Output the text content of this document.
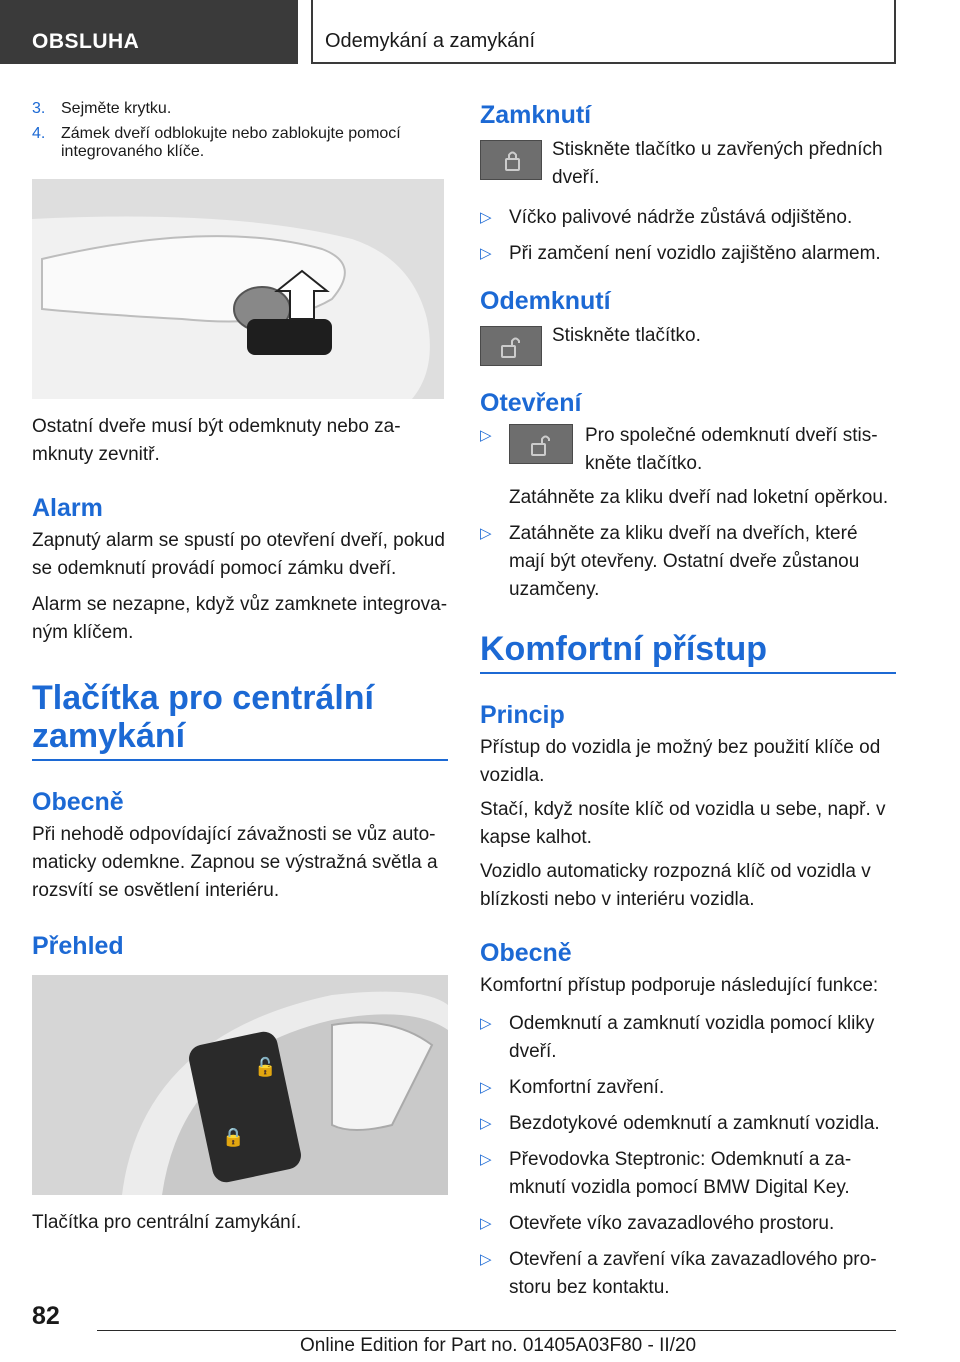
OBSLUHA	Odemykání a zamykání
3. Sejměte krytku.
4. Zámek dveří odblokujte nebo zablokujte pomocí integrovaného klíče.

Ostatní dveře musí být odemknuty nebo zamknuty zevnitř.

Alarm

Zapnutý alarm se spustí po otevření dveří, pokud se odemknutí provádí pomocí zámku dveří.

Alarm se nezapne, když vůz zamknete integrovaným klíčem.

Tlačítka pro centrální zamykání
Obecně

Při nehodě odpovídající závažnosti se vůz automaticky odemkne. Zapnou se výstražná světla a rozsvítí se osvětlení interiéru.

Přehled
🔓
🔒

Tlačítka pro centrální zamykání.

Zamknutí

Stiskněte tlačítko u zavřených předních dveří.

▷ Víčko palivové nádrže zůstává odjištěno.
▷ Při zamčení není vozidlo zajištěno alarmem.
Odemknutí

Stiskněte tlačítko.

Otevření
▷	Pro společné odemknutí dveří stiskněte tlačítko.

Zatáhněte za kliku dveří nad loketní opěrkou.

▷ Zatáhněte za kliku dveří na dveřích, které mají být otevřeny. Ostatní dveře zůstanou uzamčeny.
Komfortní přístup
Princip

Přístup do vozidla je možný bez použití klíče od vozidla.

Stačí, když nosíte klíč od vozidla u sebe, např. v kapse kalhot.

Vozidlo automaticky rozpozná klíč od vozidla v blízkosti nebo v interiéru vozidla.

Obecně

Komfortní přístup podporuje následující funkce:

▷ Odemknutí a zamknutí vozidla pomocí kliky dveří.
▷ Komfortní zavření.
▷ Bezdotykové odemknutí a zamknutí vozidla.
▷ Převodovka Steptronic: Odemknutí a zamknutí vozidla pomocí BMW Digital Key.
▷ Otevřete víko zavazadlového prostoru.
▷ Otevření a zavření víka zavazadlového prostoru bez kontaktu.
82
Online Edition for Part no. 01405A03F80 - II/20
